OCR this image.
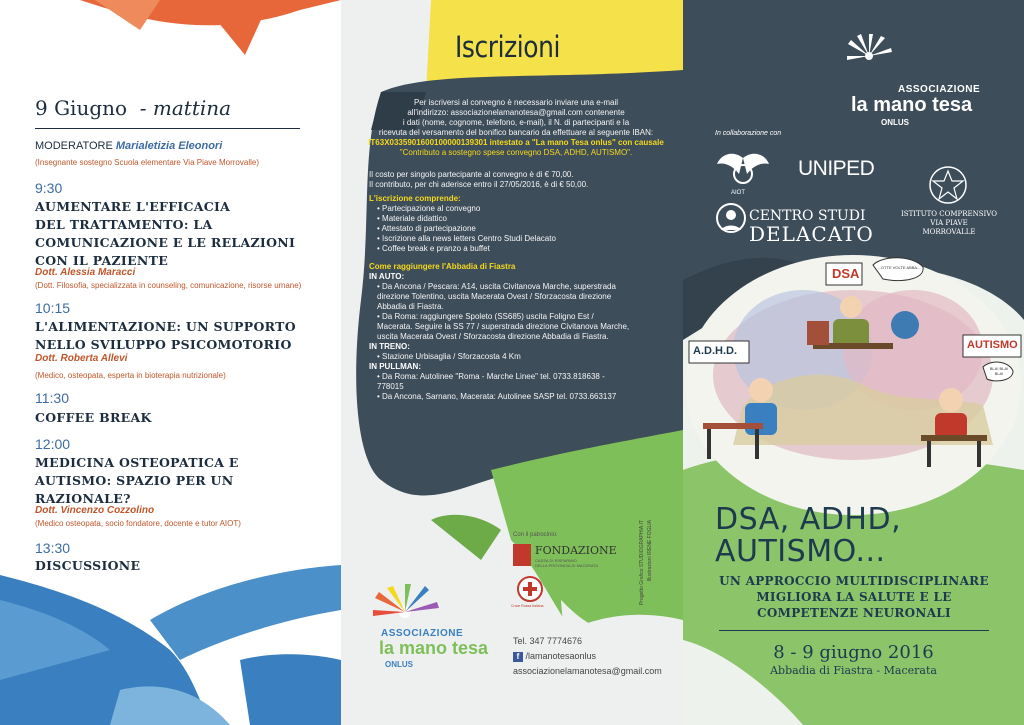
9 Giugno - mattina
MODERATORE Marialetizia Eleonori
(Insegnante sostegno Scuola elementare Via Piave Morrovalle)
9:30
AUMENTARE L'EFFICACIA
DEL TRATTAMENTO: LA
COMUNICAZIONE E LE RELAZIONI
CON IL PAZIENTE
Dott. Alessia Maracci
(Dott. Filosofia, specializzata in counseling, comunicazione, risorse umane)
10:15
L'ALIMENTAZIONE: UN SUPPORTO
NELLO SVILUPPO PSICOMOTORIO
Dott. Roberta Allevi
(Medico, osteopata, esperta in bioterapia nutrizionale)
11:30
COFFEE BREAK
12:00
MEDICINA OSTEOPATICA E
AUTISMO: SPAZIO PER UN
RAZIONALE?
Dott. Vincenzo Cozzolino
(Medico osteopata, socio fondatore, docente e tutor AIOT)
13:30
DISCUSSIONE
Iscrizioni
Per iscriversi al convegno è necessario inviare una e-mail
all'indirizzo: associazionelamanotesa@gmail.com contenente
i dati (nome, cognome, telefono, e-mail), il N. di partecipanti e la
ricevuta del versamento del bonifico bancario da effettuare al seguente IBAN:
IT63X0335901600100000139301 intestato a "La mano Tesa onlus" con causale
"Contributo a sostegno spese convegno DSA, ADHD, AUTISMO".
Il costo per singolo partecipante al convegno è di € 70,00.
Il contributo, per chi aderisce entro il 27/05/2016, è di € 50,00.
L'iscrizione comprende:
• Partecipazione al convegno
• Materiale didattico
• Attestato di partecipazione
• Iscrizione alla news letters Centro Studi Delacato
• Coffee break e pranzo a buffet
Come raggiungere l'Abbadia di Fiastra
IN AUTO:
• Da Ancona / Pescara: A14, uscita Civitanova Marche, superstrada direzione Tolentino, uscita Macerata Ovest / Sforzacosta direzione Abbadia di Fiastra.
• Da Roma: raggiungere Spoleto (SS685) uscita Foligno Est / Macerata. Seguire la SS 77 / superstrada direzione Civitanova Marche, uscita Macerata Ovest / Sforzacosta direzione Abbadia di Fiastra.
IN TRENO:
• Stazione Urbisaglia / Sforzacosta 4 Km
IN PULLMAN:
• Da Roma: Autolinee "Roma - Marche Linee" tel. 0733.818638 - 778015
• Da Ancona, Sarnano, Macerata: Autolinee SASP tel. 0733.663137
Con il patrocinio:
FONDAZIONE
CASSA DI RISPARMIO
DELLA PROVINCIA DI MACERATA
Croce Rossa Italiana
Progetto Grafico STUDIOGRAPHIA.IT Illustrazioni IRENE FOGLIA
ASSOCIAZIONE
la mano tesa
ONLUS
Tel. 347 7774676
f /lamanotesaonlus
associazionelamanotesa@gmail.com
ASSOCIAZIONE
la mano tesa
ONLUS
In collaborazione con
AIOT
UNIPED
CENTRO STUDI
DELACATO
ISTITUTO COMPRENSIVO
VIA PIAVE
MORROVALLE
DSA
A.D.H.D.	AUTISMO
...OTTE VOLTE ABBA...
BLA! BLA! BLA!
DSA, ADHD,
AUTISMO...
UN APPROCCIO MULTIDISCIPLINARE
MIGLIORA LA SALUTE E LE
COMPETENZE NEURONALI
8 - 9 giugno 2016
Abbadia di Fiastra - Macerata
